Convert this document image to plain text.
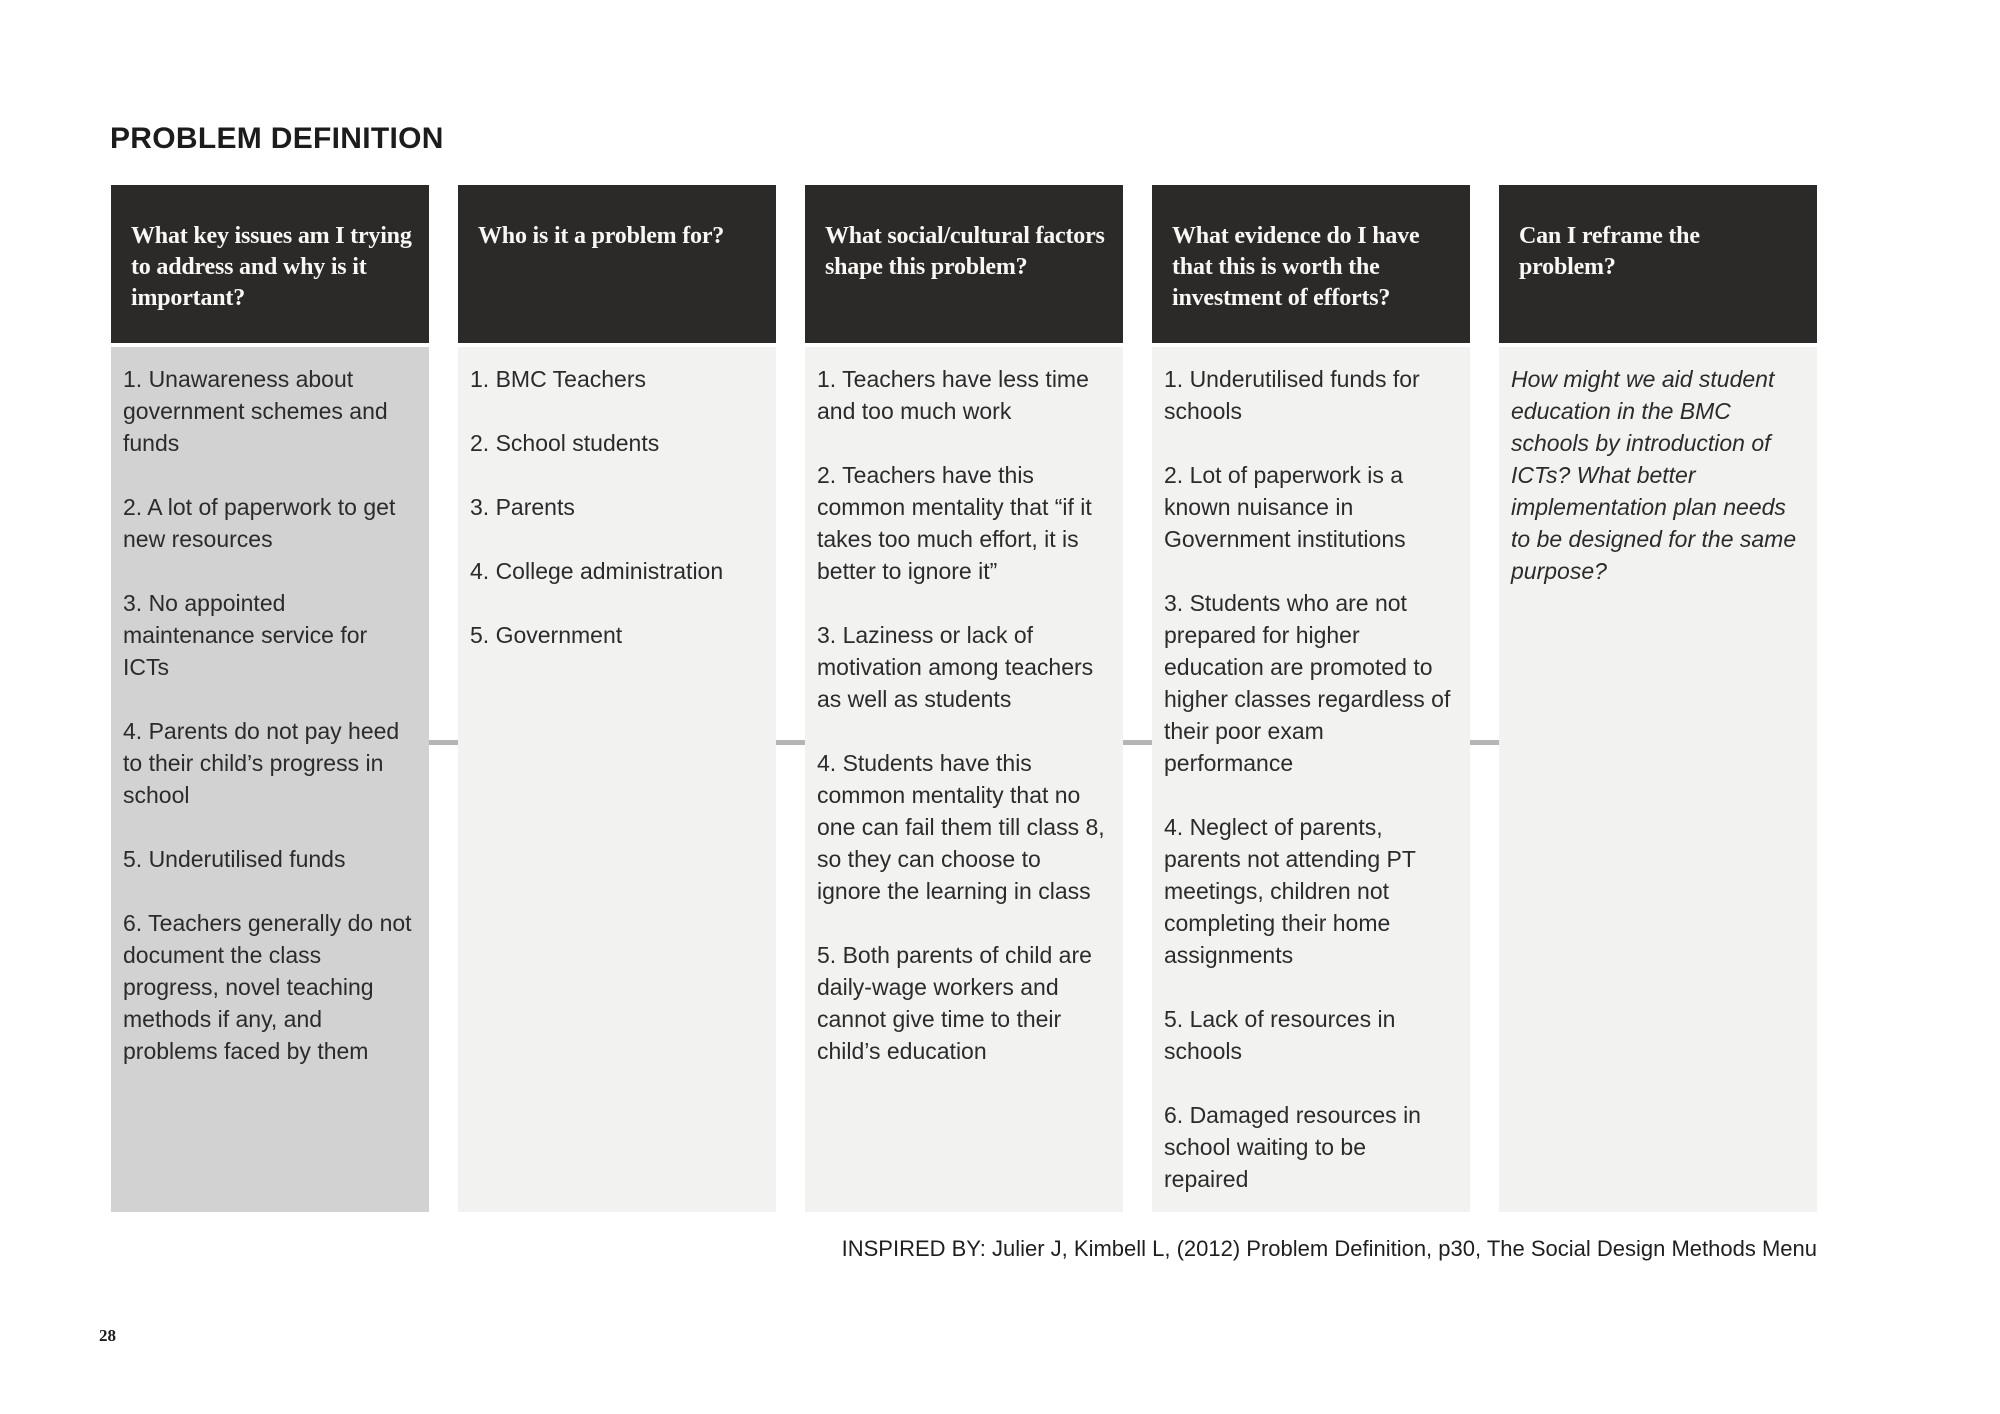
PROBLEM DEFINITION
What key issues am I trying to address and why is it important?

1. Unawareness about government schemes and funds

2. A lot of paperwork to get new resources

3. No appointed maintenance service for ICTs

4. Parents do not pay heed to their child’s progress in school

5. Underutilised funds

6. Teachers generally do not document the class progress, novel teaching methods if any, and problems faced by them

Who is it a problem for?

1. BMC Teachers

2. School students

3. Parents

4. College administration

5. Government

What social/cultural factors shape this problem?

1. Teachers have less time and too much work

2. Teachers have this common mentality that “if it takes too much effort, it is better to ignore it”

3. Laziness or lack of motivation among teachers as well as students

4. Students have this common mentality that no one can fail them till class 8, so they can choose to ignore the learning in class

5. Both parents of child are daily-wage workers and cannot give time to their child’s education

What evidence do I have that this is worth the investment of efforts?

1. Underutilised funds for schools

2. Lot of paperwork is a known nuisance in Government institutions

3. Students who are not prepared for higher education are promoted to higher classes regardless of their poor exam performance

4. Neglect of parents, parents not attending PT meetings, children not completing their home assignments

5. Lack of resources in schools

6. Damaged resources in school waiting to be repaired

Can I reframe the problem?

How might we aid student education in the BMC schools by introduction of ICTs? What better implementation plan needs to be designed for the same purpose?

INSPIRED BY: Julier J, Kimbell L, (2012) Problem Definition, p30, The Social Design Methods Menu
28
